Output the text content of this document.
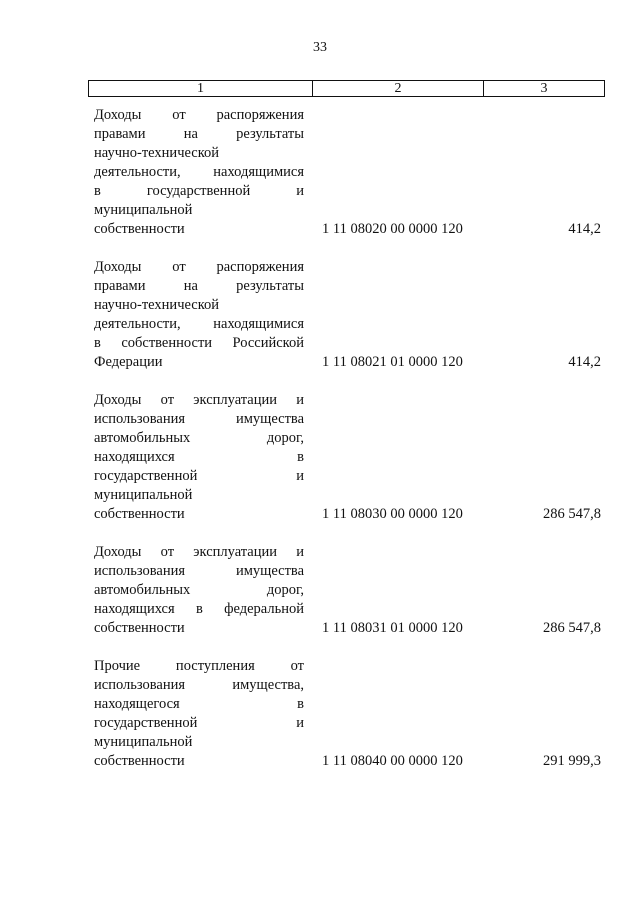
33
1	2	3
Доходы от распоряжения
правами на результаты
научно-технической
деятельности, находящимися
в государственной и
муниципальной
собственности	1 11 08020 00 0000 120	414,2
Доходы от распоряжения
правами на результаты
научно-технической
деятельности, находящимися
в собственности Российской
Федерации	1 11 08021 01 0000 120	414,2
Доходы от эксплуатации и
использования имущества
автомобильных дорог,
находящихся в
государственной и
муниципальной
собственности	1 11 08030 00 0000 120	286 547,8
Доходы от эксплуатации и
использования имущества
автомобильных дорог,
находящихся в федеральной
собственности	1 11 08031 01 0000 120	286 547,8
Прочие поступления от
использования имущества,
находящегося в
государственной и
муниципальной
собственности	1 11 08040 00 0000 120	291 999,3
